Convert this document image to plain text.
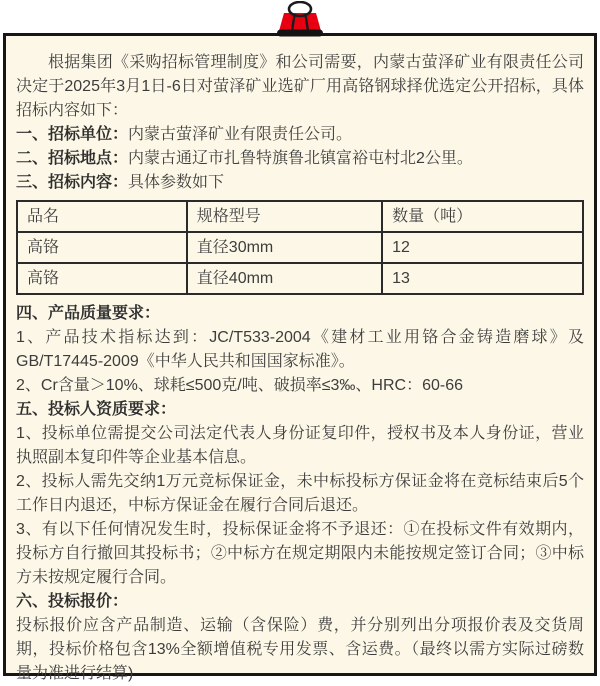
根据集团《采购招标管理制度》和公司需要，内蒙古萤泽矿业有限责任公司决定于2025年3月1日-6日对萤泽矿业选矿厂用高铬钢球择优选定公开招标，具体招标内容如下：

一、招标单位：内蒙古萤泽矿业有限责任公司。

二、招标地点：内蒙古通辽市扎鲁特旗鲁北镇富裕屯村北2公里。

三、招标内容：具体参数如下

品名	规格型号	数量（吨）
高铬	直径30mm	12
高铬	直径40mm	13

四、产品质量要求：

1、产品技术指标达到：JC/T533-2004《建材工业用铬合金铸造磨球》及GB/T17445-2009《中华人民共和国国家标准》。

2、Cr含量＞10%、球耗≤500克/吨、破损率≤3‰、HRC：60-66

五、投标人资质要求：

1、投标单位需提交公司法定代表人身份证复印件，授权书及本人身份证，营业执照副本复印件等企业基本信息。

2、投标人需先交纳1万元竞标保证金，未中标投标方保证金将在竞标结束后5个工作日内退还，中标方保证金在履行合同后退还。

3、有以下任何情况发生时，投标保证金将不予退还：①在投标文件有效期内，投标方自行撤回其投标书；②中标方在规定期限内未能按规定签订合同；③中标方未按规定履行合同。

六、投标报价：

投标报价应含产品制造、运输（含保险）费，并分别列出分项报价表及交货周期，投标价格包含13%全额增值税专用发票、含运费。（最终以需方实际过磅数量为准进行结算)
